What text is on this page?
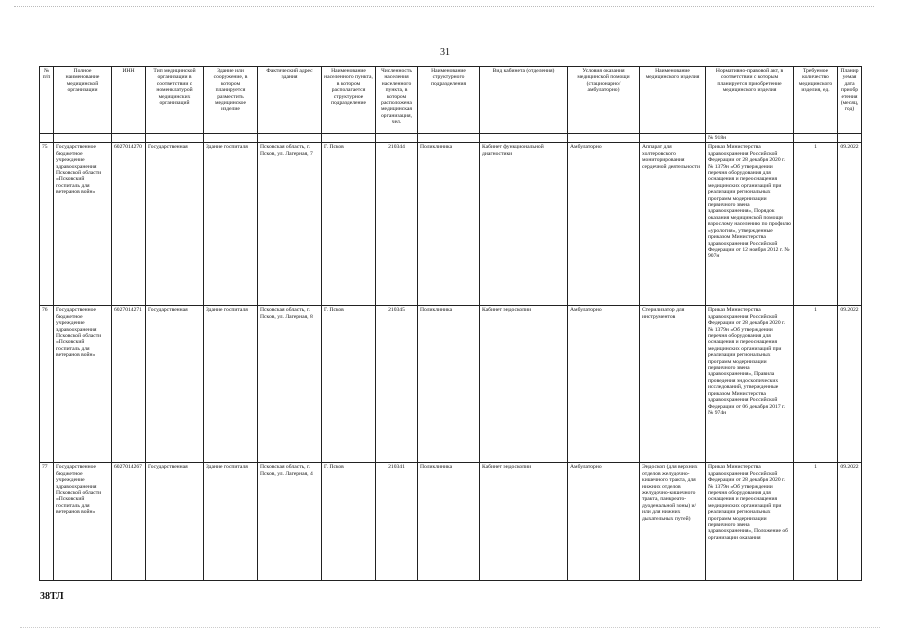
31
№ п/п	Полное наименование медицинской организации	ИНН	Тип медицинской организации в соответствии с номенклатурой медицинских организаций	Здание или сооружение, в котором планируется разместить медицинское изделие	Фактический адрес здания	Наименование населенного пункта, в котором располагается структурное подразделение	Численность населения населенного пункта, в котором расположена медицинская организация, чел.	Наименование структурного подразделения	Вид кабинета (отделения)	Условия оказания медицинской помощи (стационарно/ амбулаторно)	Наименование медицинского изделия	Нормативно-правовой акт, в соответствии с которым планируется приобретение медицинского изделия	Требуемое количество медицинского изделия, ед.	Планируемая дата приобретения (месяц, год)
												№ 918н		
75	Государственное бюджетное учреждение здравоохранения Псковской области «Псковский госпиталь для ветеранов войн»	6027014270	Государственная	Здание госпиталя	Псковская область, г. Псков, ул. Лагерная, 7	Г. Псков	210344	Поликлиника	Кабинет функциональной диагностики	Амбулаторно	Аппарат для холтеровского мониторирования сердечной деятельности	Приказ Министерства здравоохранения Российской Федерации от 28 декабря 2020 г. № 1379н «Об утверждении перечня оборудования для оснащения и переоснащения медицинских организаций при реализации региональных программ модернизации первичного звена здравоохранения», Порядок оказания медицинской помощи взрослому населению по профилю «урология», утвержденные приказом Министерства здравоохранения Российской Федерации от 12 ноября 2012 г. № 907н	1	09.2022
76	Государственное бюджетное учреждение здравоохранения Псковской области «Псковский госпиталь для ветеранов войн»	6027014271	Государственная	Здание госпиталя	Псковская область, г. Псков, ул. Лагерная, 8	Г. Псков	210345	Поликлиника	Кабинет эндоскопии	Амбулаторно	Стерилизатор для инструментов	Приказ Министерства здравоохранения Российской Федерации от 28 декабря 2020 г. № 1379н «Об утверждении перечня оборудования для оснащения и переоснащения медицинских организаций при реализации региональных программ модернизации первичного звена здравоохранения», Правила проведения эндоскопических исследований, утвержденные приказом Министерства здравоохранения Российской Федерации от 06 декабря 2017 г. № 974н	1	09.2022
77	Государственное бюджетное учреждение здравоохранения Псковской области «Псковский госпиталь для ветеранов войн»	6027014267	Государственная	Здание госпиталя	Псковская область, г. Псков, ул. Лагерная, 4	Г. Псков	210341	Поликлиника	Кабинет эндоскопии	Амбулаторно	Эндоскоп (для верхних отделов желудочно-кишечного тракта, для нижних отделов желудочно-кишечного тракта, панкреато-дуоденальной зоны) и/или для нижних дыхательных путей)	Приказ Министерства здравоохранения Российской Федерации от 28 декабря 2020 г. № 1379н «Об утверждении перечня оборудования для оснащения и переоснащения медицинских организаций при реализации региональных программ модернизации первичного звена здравоохранения», Положение об организации оказания	1	09.2022
38ТЛ
